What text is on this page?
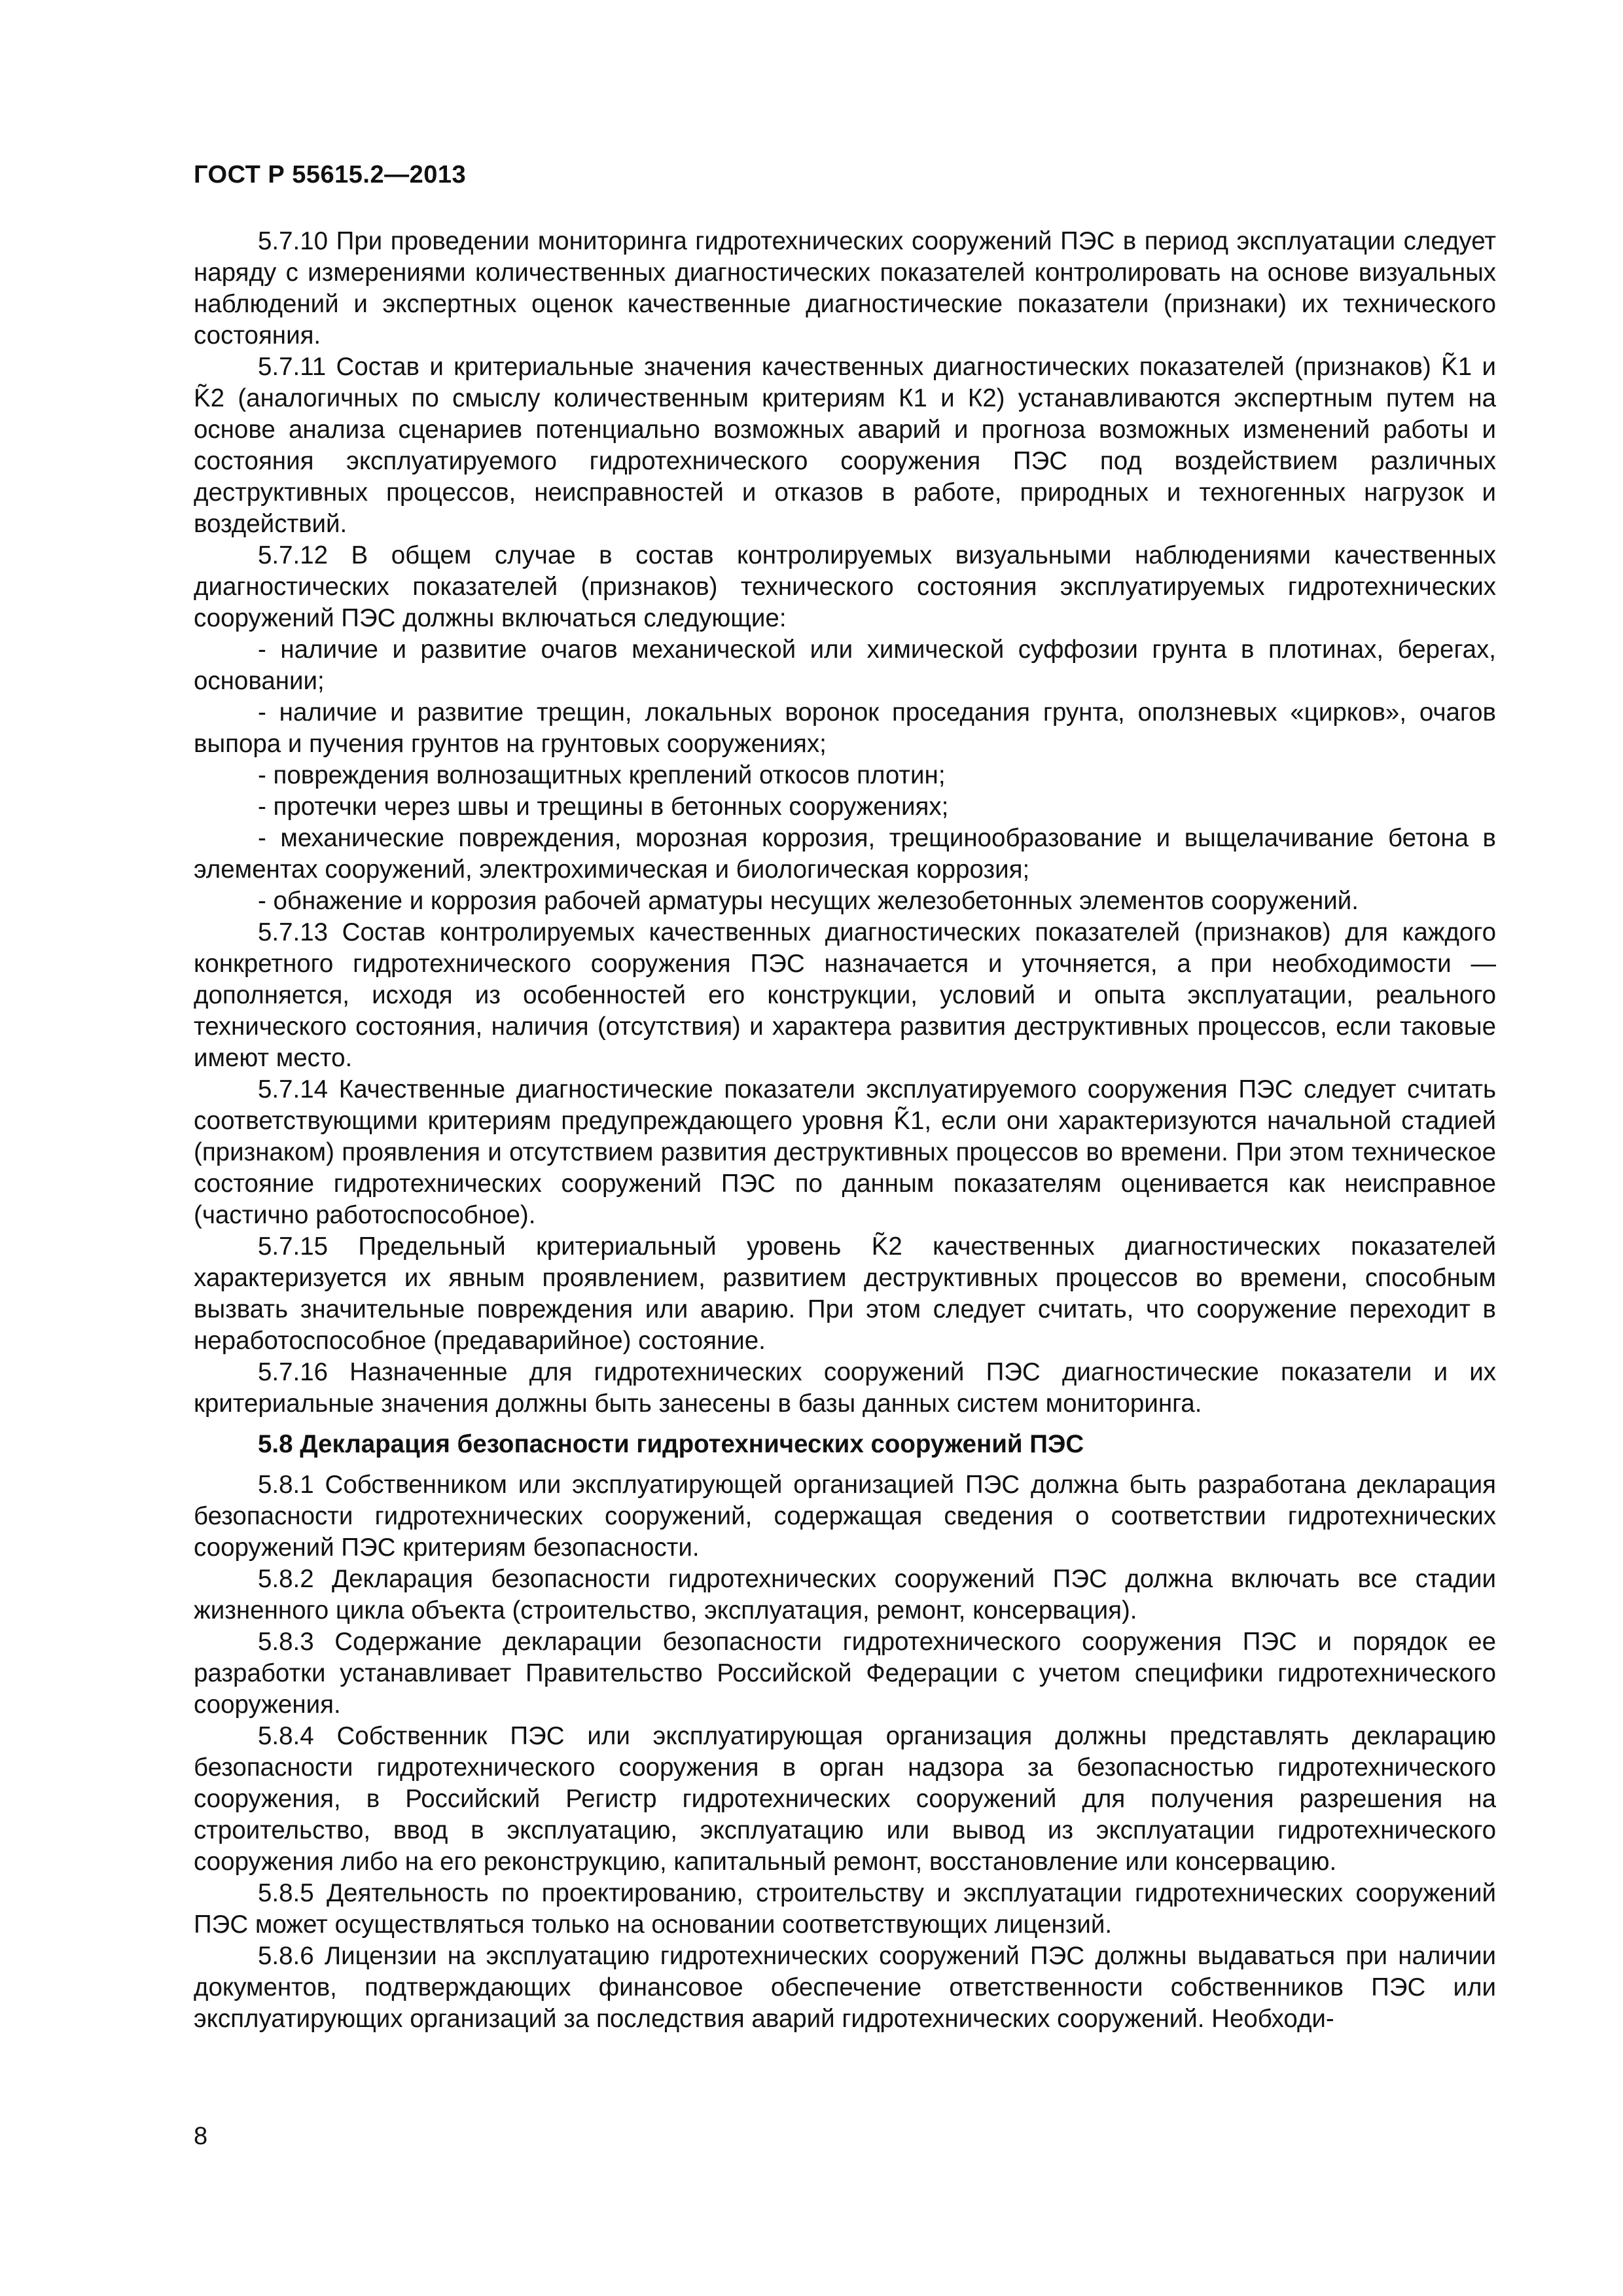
ГОСТ Р 55615.2—2013

5.7.10 При проведении мониторинга гидротехнических сооружений ПЭС в период эксплуатации следует наряду с измерениями количественных диагностических показателей контролировать на основе визуальных наблюдений и экспертных оценок качественные диагностические показатели (признаки) их технического состояния.

5.7.11 Состав и критериальные значения качественных диагностических показателей (признаков) K̃1 и K̃2 (аналогичных по смыслу количественным критериям К1 и К2) устанавливаются экспертным путем на основе анализа сценариев потенциально возможных аварий и прогноза возможных изменений работы и состояния эксплуатируемого гидротехнического сооружения ПЭС под воздействием различных деструктивных процессов, неисправностей и отказов в работе, природных и техногенных нагрузок и воздействий.

5.7.12 В общем случае в состав контролируемых визуальными наблюдениями качественных диагностических показателей (признаков) технического состояния эксплуатируемых гидротехнических сооружений ПЭС должны включаться следующие:

- наличие и развитие очагов механической или химической суффозии грунта в плотинах, берегах, основании;

- наличие и развитие трещин, локальных воронок проседания грунта, оползневых «цирков», очагов выпора и пучения грунтов на грунтовых сооружениях;

- повреждения волнозащитных креплений откосов плотин;

- протечки через швы и трещины в бетонных сооружениях;

- механические повреждения, морозная коррозия, трещинообразование и выщелачивание бетона в элементах сооружений, электрохимическая и биологическая коррозия;

- обнажение и коррозия рабочей арматуры несущих железобетонных элементов сооружений.

5.7.13 Состав контролируемых качественных диагностических показателей (признаков) для каждого конкретного гидротехнического сооружения ПЭС назначается и уточняется, а при необходимости — дополняется, исходя из особенностей его конструкции, условий и опыта эксплуатации, реального технического состояния, наличия (отсутствия) и характера развития деструктивных процессов, если таковые имеют место.

5.7.14 Качественные диагностические показатели эксплуатируемого сооружения ПЭС следует считать соответствующими критериям предупреждающего уровня K̃1, если они характеризуются начальной стадией (признаком) проявления и отсутствием развития деструктивных процессов во времени. При этом техническое состояние гидротехнических сооружений ПЭС по данным показателям оценивается как неисправное (частично работоспособное).

5.7.15 Предельный критериальный уровень K̃2 качественных диагностических показателей характеризуется их явным проявлением, развитием деструктивных процессов во времени, способным вызвать значительные повреждения или аварию. При этом следует считать, что сооружение переходит в неработоспособное (предаварийное) состояние.

5.7.16 Назначенные для гидротехнических сооружений ПЭС диагностические показатели и их критериальные значения должны быть занесены в базы данных систем мониторинга.

5.8 Декларация безопасности гидротехнических сооружений ПЭС

5.8.1 Собственником или эксплуатирующей организацией ПЭС должна быть разработана декларация безопасности гидротехнических сооружений, содержащая сведения о соответствии гидротехнических сооружений ПЭС критериям безопасности.

5.8.2 Декларация безопасности гидротехнических сооружений ПЭС должна включать все стадии жизненного цикла объекта (строительство, эксплуатация, ремонт, консервация).

5.8.3 Содержание декларации безопасности гидротехнического сооружения ПЭС и порядок ее разработки устанавливает Правительство Российской Федерации с учетом специфики гидротехнического сооружения.

5.8.4 Собственник ПЭС или эксплуатирующая организация должны представлять декларацию безопасности гидротехнического сооружения в орган надзора за безопасностью гидротехнического сооружения, в Российский Регистр гидротехнических сооружений для получения разрешения на строительство, ввод в эксплуатацию, эксплуатацию или вывод из эксплуатации гидротехнического сооружения либо на его реконструкцию, капитальный ремонт, восстановление или консервацию.

5.8.5 Деятельность по проектированию, строительству и эксплуатации гидротехнических сооружений ПЭС может осуществляться только на основании соответствующих лицензий.

5.8.6 Лицензии на эксплуатацию гидротехнических сооружений ПЭС должны выдаваться при наличии документов, подтверждающих финансовое обеспечение ответственности собственников ПЭС или эксплуатирующих организаций за последствия аварий гидротехнических сооружений. Необходи-

8
